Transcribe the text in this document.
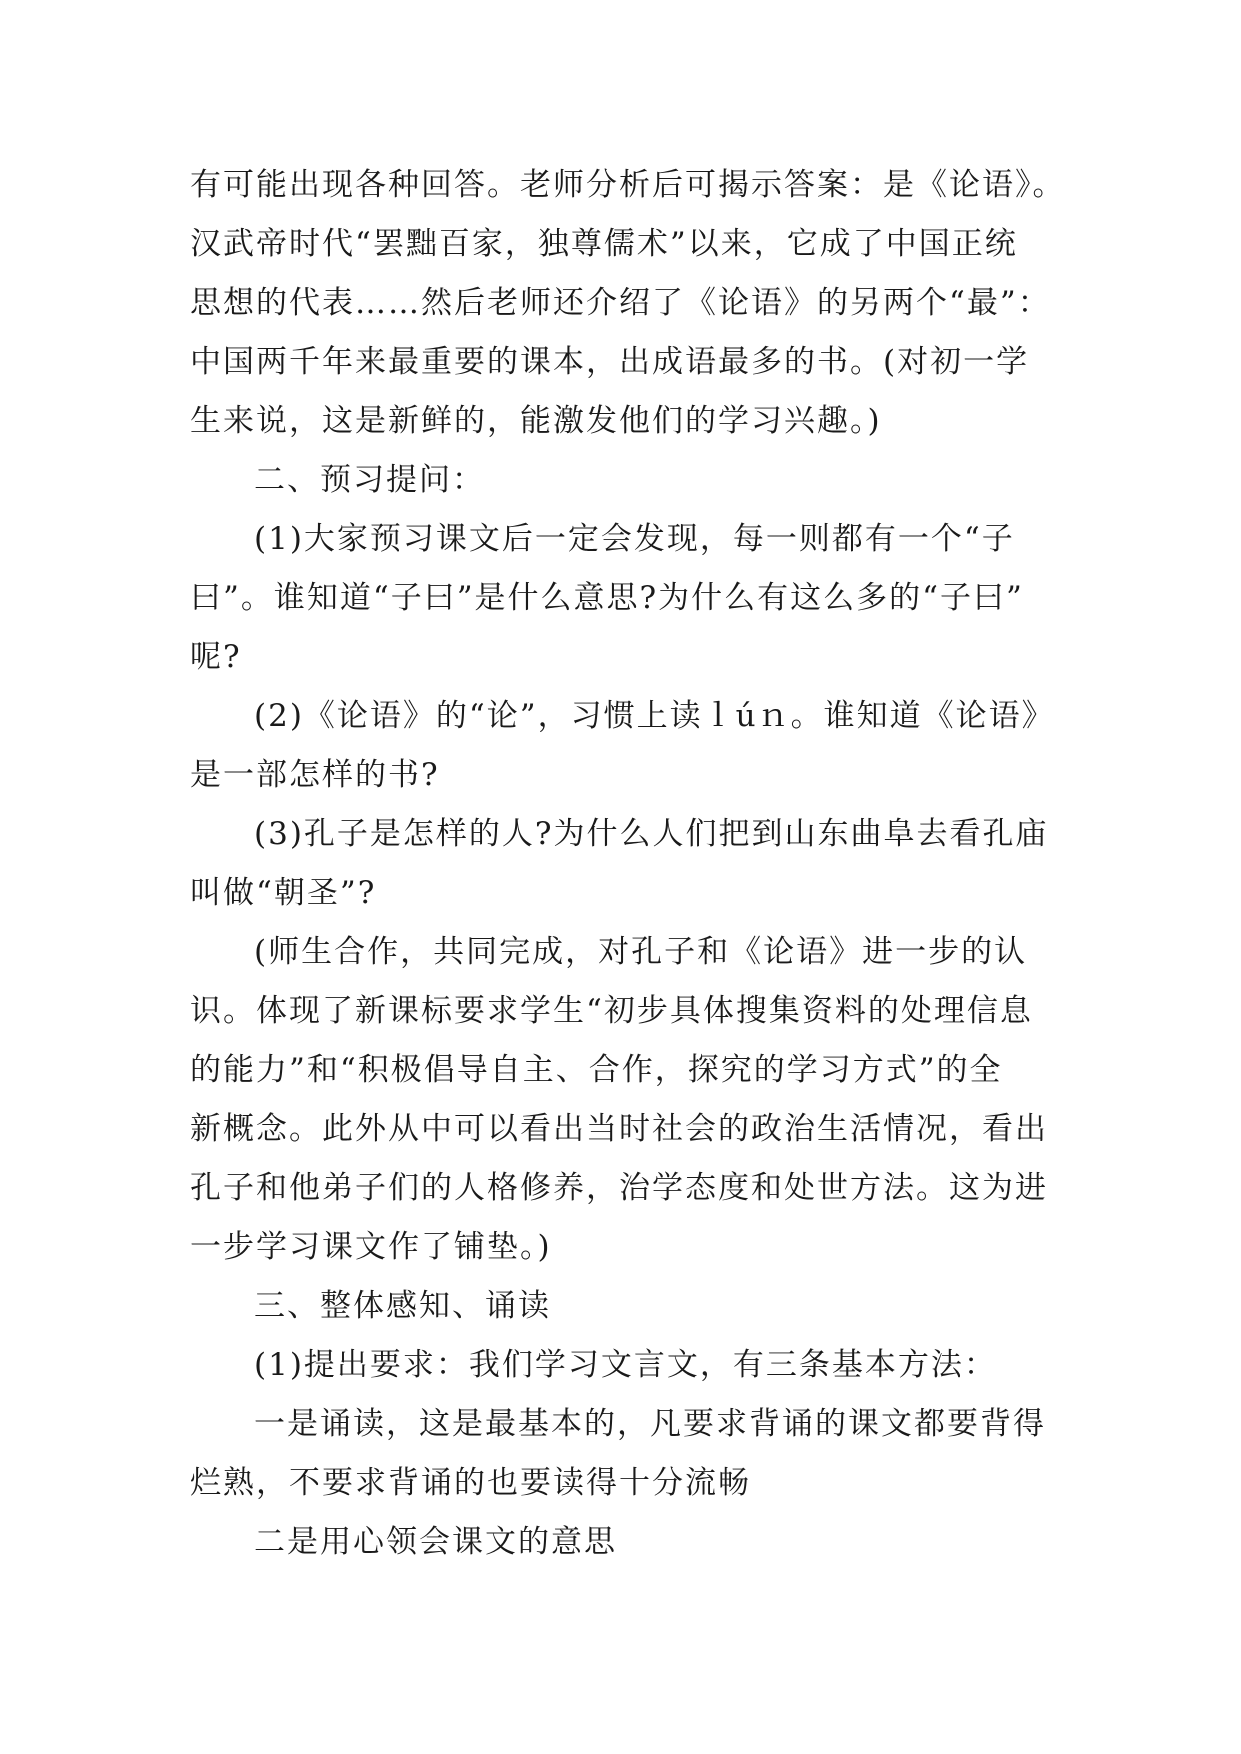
有可能出现各种回答。老师分析后可揭示答案：是《论语》。

汉武帝时代“罢黜百家，独尊儒术”以来，它成了中国正统

思想的代表……然后老师还介绍了《论语》的另两个“最”：

中国两千年来最重要的课本，出成语最多的书。(对初一学

生来说，这是新鲜的，能激发他们的学习兴趣。)

二、预习提问：

(1)大家预习课文后一定会发现，每一则都有一个“子

曰”。谁知道“子曰”是什么意思?为什么有这么多的“子曰”

呢?

(2)《论语》的“论”，习惯上读ｌúｎ。谁知道《论语》

是一部怎样的书?

(3)孔子是怎样的人?为什么人们把到山东曲阜去看孔庙

叫做“朝圣”?

(师生合作，共同完成，对孔子和《论语》进一步的认

识。体现了新课标要求学生“初步具体搜集资料的处理信息

的能力”和“积极倡导自主、合作，探究的学习方式”的全

新概念。此外从中可以看出当时社会的政治生活情况，看出

孔子和他弟子们的人格修养，治学态度和处世方法。这为进

一步学习课文作了铺垫。)

三、整体感知、诵读

(1)提出要求：我们学习文言文，有三条基本方法：

一是诵读，这是最基本的，凡要求背诵的课文都要背得

烂熟，不要求背诵的也要读得十分流畅

二是用心领会课文的意思
